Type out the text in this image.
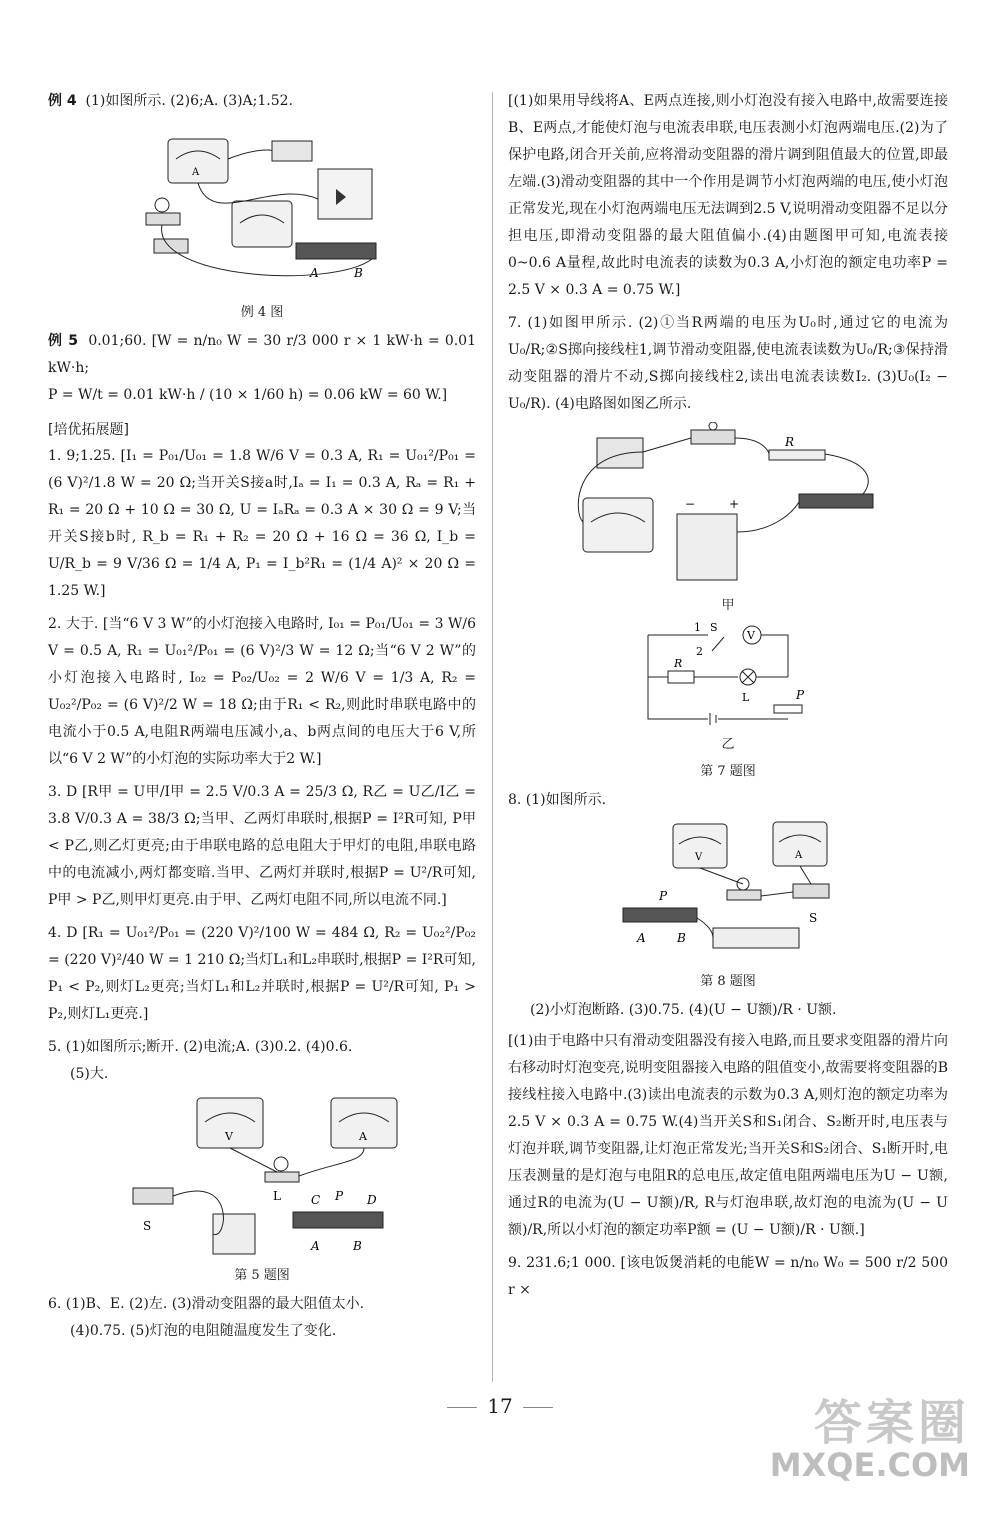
例 4 (1)如图所示. (2)6;A. (3)A;1.52.

A
A	B
例 4 图

例 5 0.01;60. [W = n/n₀ W = 30 r/3 000 r × 1 kW·h = 0.01 kW·h;

P = W/t = 0.01 kW·h / (10 × 1/60 h) = 0.06 kW = 60 W.]

[培优拓展题]

1. 9;1.25. [I₁ = P₀₁/U₀₁ = 1.8 W/6 V = 0.3 A, R₁ = U₀₁²/P₀₁ = (6 V)²/1.8 W = 20 Ω;当开关S接a时,Iₐ = I₁ = 0.3 A, Rₐ = R₁ + R₁ = 20 Ω + 10 Ω = 30 Ω, U = IₐRₐ = 0.3 A × 30 Ω = 9 V;当开关S接b时, R_b = R₁ + R₂ = 20 Ω + 16 Ω = 36 Ω, I_b = U/R_b = 9 V/36 Ω = 1/4 A, P₁ = I_b²R₁ = (1/4 A)² × 20 Ω = 1.25 W.]

2. 大于. [当“6 V 3 W”的小灯泡接入电路时, I₀₁ = P₀₁/U₀₁ = 3 W/6 V = 0.5 A, R₁ = U₀₁²/P₀₁ = (6 V)²/3 W = 12 Ω;当“6 V 2 W”的小灯泡接入电路时, I₀₂ = P₀₂/U₀₂ = 2 W/6 V = 1/3 A, R₂ = U₀₂²/P₀₂ = (6 V)²/2 W = 18 Ω;由于R₁ < R₂,则此时串联电路中的电流小于0.5 A,电阻R两端电压减小,a、b两点间的电压大于6 V,所以“6 V 2 W”的小灯泡的实际功率大于2 W.]

3. D [R甲 = U甲/I甲 = 2.5 V/0.3 A = 25/3 Ω, R乙 = U乙/I乙 = 3.8 V/0.3 A = 38/3 Ω;当甲、乙两灯串联时,根据P = I²R可知, P甲 < P乙,则乙灯更亮;由于串联电路的总电阻大于甲灯的电阻,串联电路中的电流减小,两灯都变暗.当甲、乙两灯并联时,根据P = U²/R可知, P甲 > P乙,则甲灯更亮.由于甲、乙两灯电阻不同,所以电流不同.]

4. D [R₁ = U₀₁²/P₀₁ = (220 V)²/100 W = 484 Ω, R₂ = U₀₂²/P₀₂ = (220 V)²/40 W = 1 210 Ω;当灯L₁和L₂串联时,根据P = I²R可知, P₁ < P₂,则灯L₂更亮;当灯L₁和L₂并联时,根据P = U²/R可知, P₁ > P₂,则灯L₁更亮.]

5. (1)如图所示;断开. (2)电流;A. (3)0.2. (4)0.6.

(5)大.

V	A
L
S
C P D
A	B
第 5 题图

6. (1)B、E. (2)左. (3)滑动变阻器的最大阻值太小.

(4)0.75. (5)灯泡的电阻随温度发生了变化.

[(1)如果用导线将A、E两点连接,则小灯泡没有接入电路中,故需要连接B、E两点,才能使灯泡与电流表串联,电压表测小灯泡两端电压.(2)为了保护电路,闭合开关前,应将滑动变阻器的滑片调到阻值最大的位置,即最左端.(3)滑动变阻器的其中一个作用是调节小灯泡两端的电压,使小灯泡正常发光,现在小灯泡两端电压无法调到2.5 V,说明滑动变阻器不足以分担电压,即滑动变阻器的最大阻值偏小.(4)由题图甲可知,电流表接0~0.6 A量程,故此时电流表的读数为0.3 A,小灯泡的额定电功率P = 2.5 V × 0.3 A = 0.75 W.]

7. (1)如图甲所示. (2)①当R两端的电压为U₀时,通过它的电流为U₀/R;②S掷向接线柱1,调节滑动变阻器,使电流表读数为U₀/R;③保持滑动变阻器的滑片不动,S掷向接线柱2,读出电流表读数I₂. (3)U₀(I₂ − U₀/R). (4)电路图如图乙所示.

R
−	+
甲
1 S
2
V
R
L	P
乙
第 7 题图

8. (1)如图所示.

V	A
S
P
A	B
第 8 题图

(2)小灯泡断路. (3)0.75. (4)(U − U额)/R · U额.

[(1)由于电路中只有滑动变阻器没有接入电路,而且要求变阻器的滑片向右移动时灯泡变亮,说明变阻器接入电路的阻值变小,故需要将变阻器的B接线柱接入电路中.(3)读出电流表的示数为0.3 A,则灯泡的额定功率为2.5 V × 0.3 A = 0.75 W.(4)当开关S和S₁闭合、S₂断开时,电压表与灯泡并联,调节变阻器,让灯泡正常发光;当开关S和S₂闭合、S₁断开时,电压表测量的是灯泡与电阻R的总电压,故定值电阻两端电压为U − U额,通过R的电流为(U − U额)/R, R与灯泡串联,故灯泡的电流为(U − U额)/R,所以小灯泡的额定功率P额 = (U − U额)/R · U额.]

9. 231.6;1 000. [该电饭煲消耗的电能W = n/n₀ W₀ = 500 r/2 500 r ×

17	答案圈
MXQE.COM
